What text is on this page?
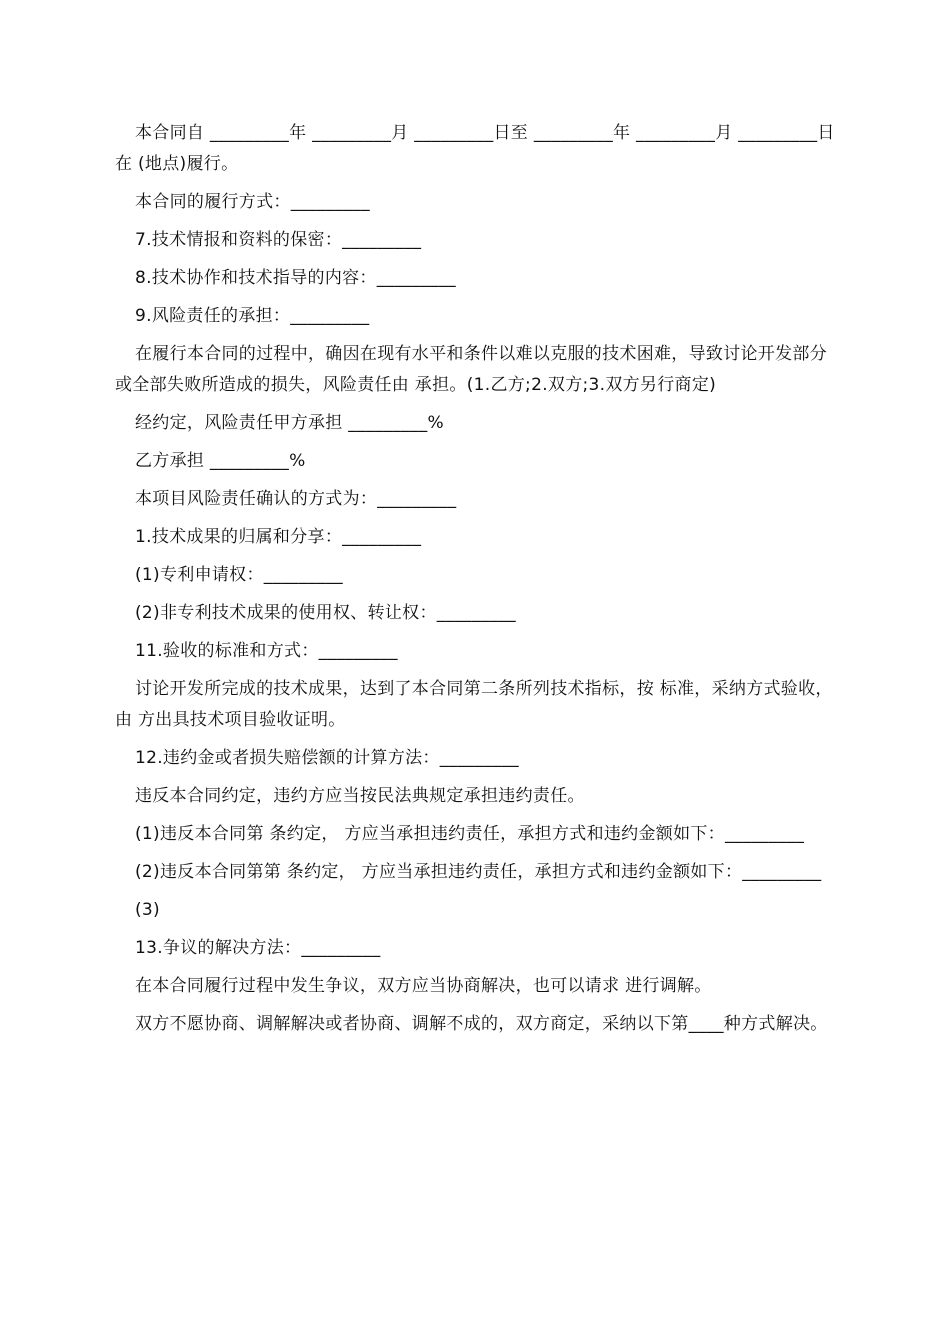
本合同自 _________年 _________月 _________日至 _________年 _________月 _________日在 (地点)履行。

本合同的履行方式：_________

7.技术情报和资料的保密：_________

8.技术协作和技术指导的内容：_________

9.风险责任的承担：_________

在履行本合同的过程中，确因在现有水平和条件以难以克服的技术困难，导致讨论开发部分或全部失败所造成的损失，风险责任由 承担。(1.乙方;2.双方;3.双方另行商定)

经约定，风险责任甲方承担 _________%

乙方承担 _________%

本项目风险责任确认的方式为：_________

1.技术成果的归属和分享：_________

(1)专利申请权：_________

(2)非专利技术成果的使用权、转让权：_________

11.验收的标准和方式：_________

讨论开发所完成的技术成果，达到了本合同第二条所列技术指标，按 标准，采纳方式验收，由 方出具技术项目验收证明。

12.违约金或者损失赔偿额的计算方法：_________

违反本合同约定，违约方应当按民法典规定承担违约责任。

(1)违反本合同第 条约定， 方应当承担违约责任，承担方式和违约金额如下：_________

(2)违反本合同第第 条约定， 方应当承担违约责任，承担方式和违约金额如下：_________

(3)

13.争议的解决方法：_________

在本合同履行过程中发生争议，双方应当协商解决，也可以请求 进行调解。

双方不愿协商、调解解决或者协商、调解不成的，双方商定，采纳以下第____种方式解决。
